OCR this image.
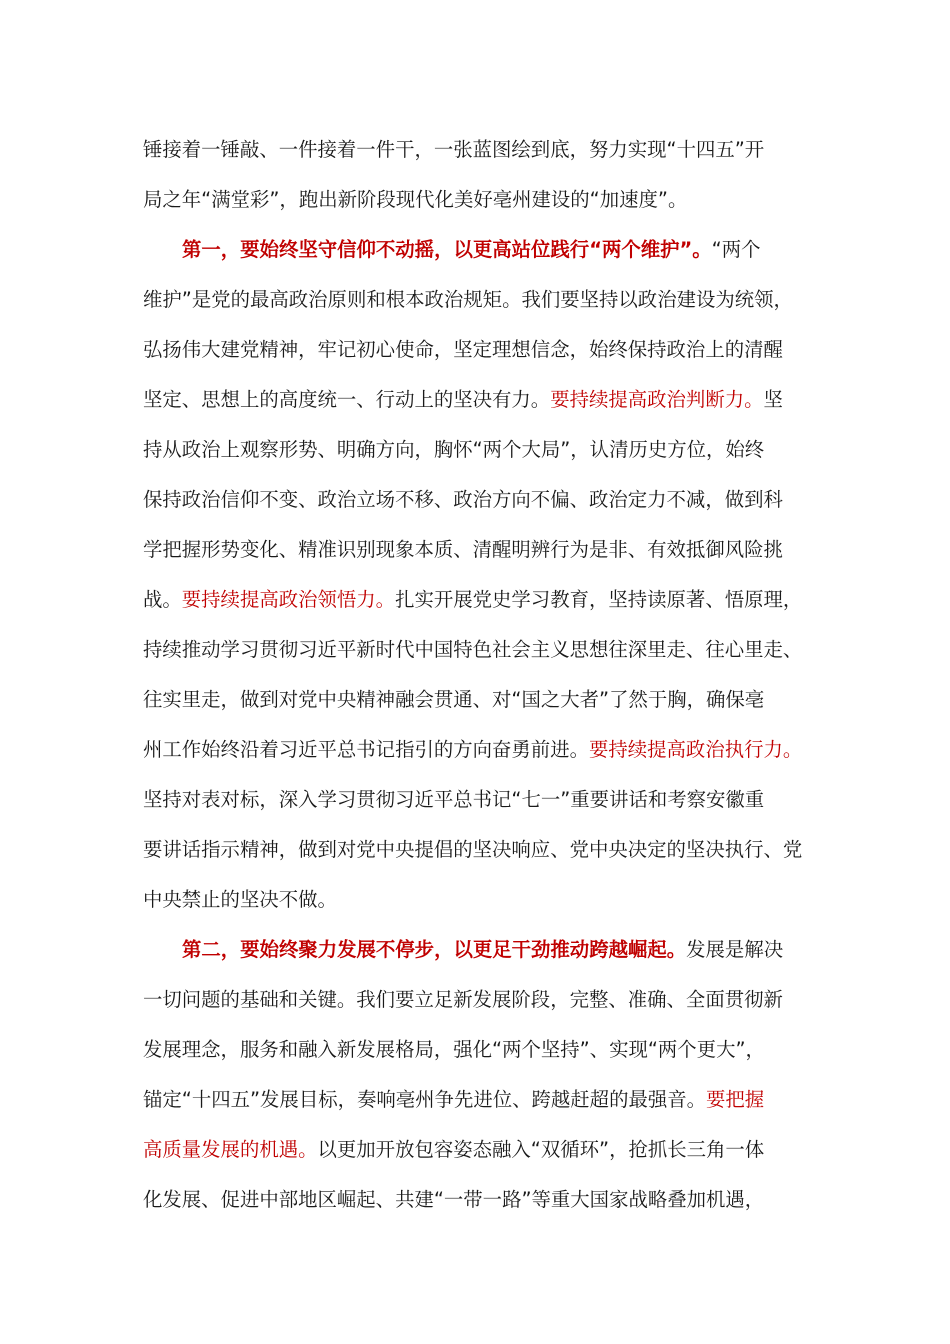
锤接着一锤敲、一件接着一件干，一张蓝图绘到底，努力实现“十四五”开
局之年“满堂彩”，跑出新阶段现代化美好亳州建设的“加速度”。
第一，要始终坚守信仰不动摇，以更高站位践行“两个维护”。“两个
维护”是党的最高政治原则和根本政治规矩。我们要坚持以政治建设为统领，
弘扬伟大建党精神，牢记初心使命，坚定理想信念，始终保持政治上的清醒
坚定、思想上的高度统一、行动上的坚决有力。要持续提高政治判断力。坚
持从政治上观察形势、明确方向，胸怀“两个大局”，认清历史方位，始终
保持政治信仰不变、政治立场不移、政治方向不偏、政治定力不减，做到科
学把握形势变化、精准识别现象本质、清醒明辨行为是非、有效抵御风险挑
战。要持续提高政治领悟力。扎实开展党史学习教育，坚持读原著、悟原理，
持续推动学习贯彻习近平新时代中国特色社会主义思想往深里走、往心里走、
往实里走，做到对党中央精神融会贯通、对“国之大者”了然于胸，确保亳
州工作始终沿着习近平总书记指引的方向奋勇前进。要持续提高政治执行力。
坚持对表对标，深入学习贯彻习近平总书记“七一”重要讲话和考察安徽重
要讲话指示精神，做到对党中央提倡的坚决响应、党中央决定的坚决执行、党
中央禁止的坚决不做。
第二，要始终聚力发展不停步，以更足干劲推动跨越崛起。发展是解决
一切问题的基础和关键。我们要立足新发展阶段，完整、准确、全面贯彻新
发展理念，服务和融入新发展格局，强化“两个坚持”、实现“两个更大”，
锚定“十四五”发展目标，奏响亳州争先进位、跨越赶超的最强音。要把握
高质量发展的机遇。以更加开放包容姿态融入“双循环”，抢抓长三角一体
化发展、促进中部地区崛起、共建“一带一路”等重大国家战略叠加机遇，
